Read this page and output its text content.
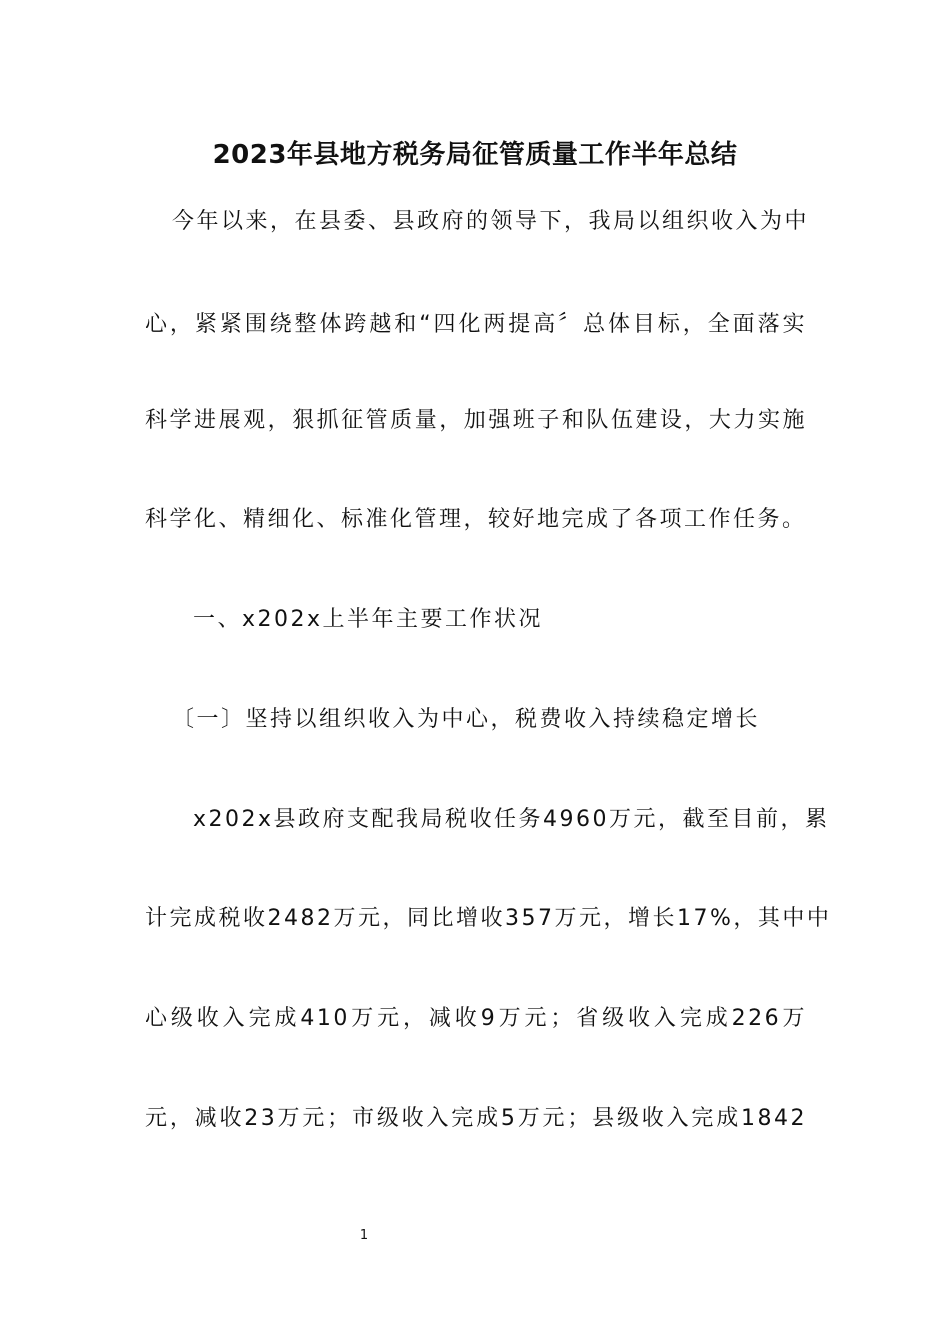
2023年县地方税务局征管质量工作半年总结
今年以来，在县委、县政府的领导下，我局以组织收入为中
心，紧紧围绕整体跨越和“四化两提高〞总体目标，全面落实
科学进展观，狠抓征管质量，加强班子和队伍建设，大力实施
科学化、精细化、标准化管理，较好地完成了各项工作任务。
一、x202x上半年主要工作状况
〔一〕坚持以组织收入为中心，税费收入持续稳定增长
x202x县政府支配我局税收任务4960万元，截至目前，累
计完成税收2482万元，同比增收357万元，增长17%，其中中
心级收入完成410万元，减收9万元；省级收入完成226万
元，减收23万元；市级收入完成5万元；县级收入完成1842
1
